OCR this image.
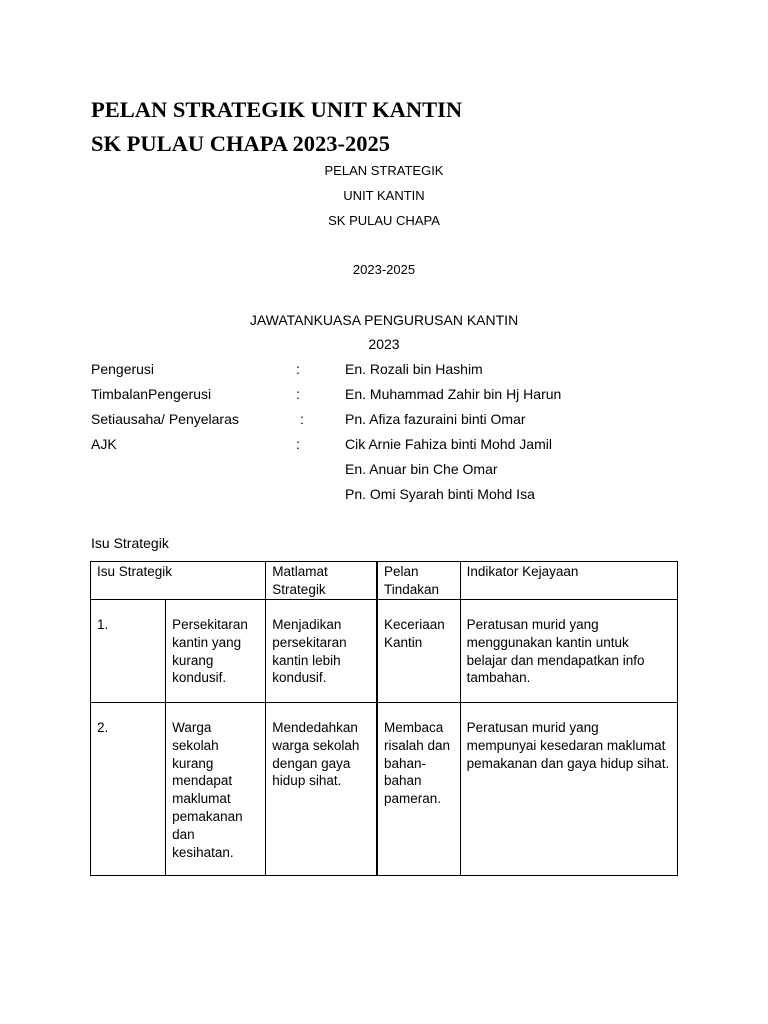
PELAN STRATEGIK UNIT KANTIN
SK PULAU CHAPA 2023-2025
PELAN STRATEGIK
UNIT KANTIN
SK PULAU CHAPA
2023-2025
JAWATANKUASA PENGURUSAN KANTIN
2023
Pengerusi	:	En. Rozali bin Hashim
TimbalanPengerusi	:	En. Muhammad Zahir bin Hj Harun
Setiausaha/ Penyelaras	:	Pn. Afiza fazuraini binti Omar
AJK	:	Cik Arnie Fahiza binti Mohd Jamil
En. Anuar bin Che Omar
Pn. Omi Syarah binti Mohd Isa
Isu Strategik
Isu Strategik		Matlamat Strategik	Pelan Tindakan	Indikator Kejayaan
1.	Persekitaran kantin yang kurang kondusif.	Menjadikan persekitaran kantin lebih kondusif.	Keceriaan Kantin	Peratusan murid yang menggunakan kantin untuk belajar dan mendapatkan info tambahan.
2.	Warga sekolah kurang mendapat maklumat pemakanan dan kesihatan.	Mendedahkan warga sekolah dengan gaya hidup sihat.	Membaca risalah dan bahan-bahan pameran.	Peratusan murid yang mempunyai kesedaran maklumat pemakanan dan gaya hidup sihat.
